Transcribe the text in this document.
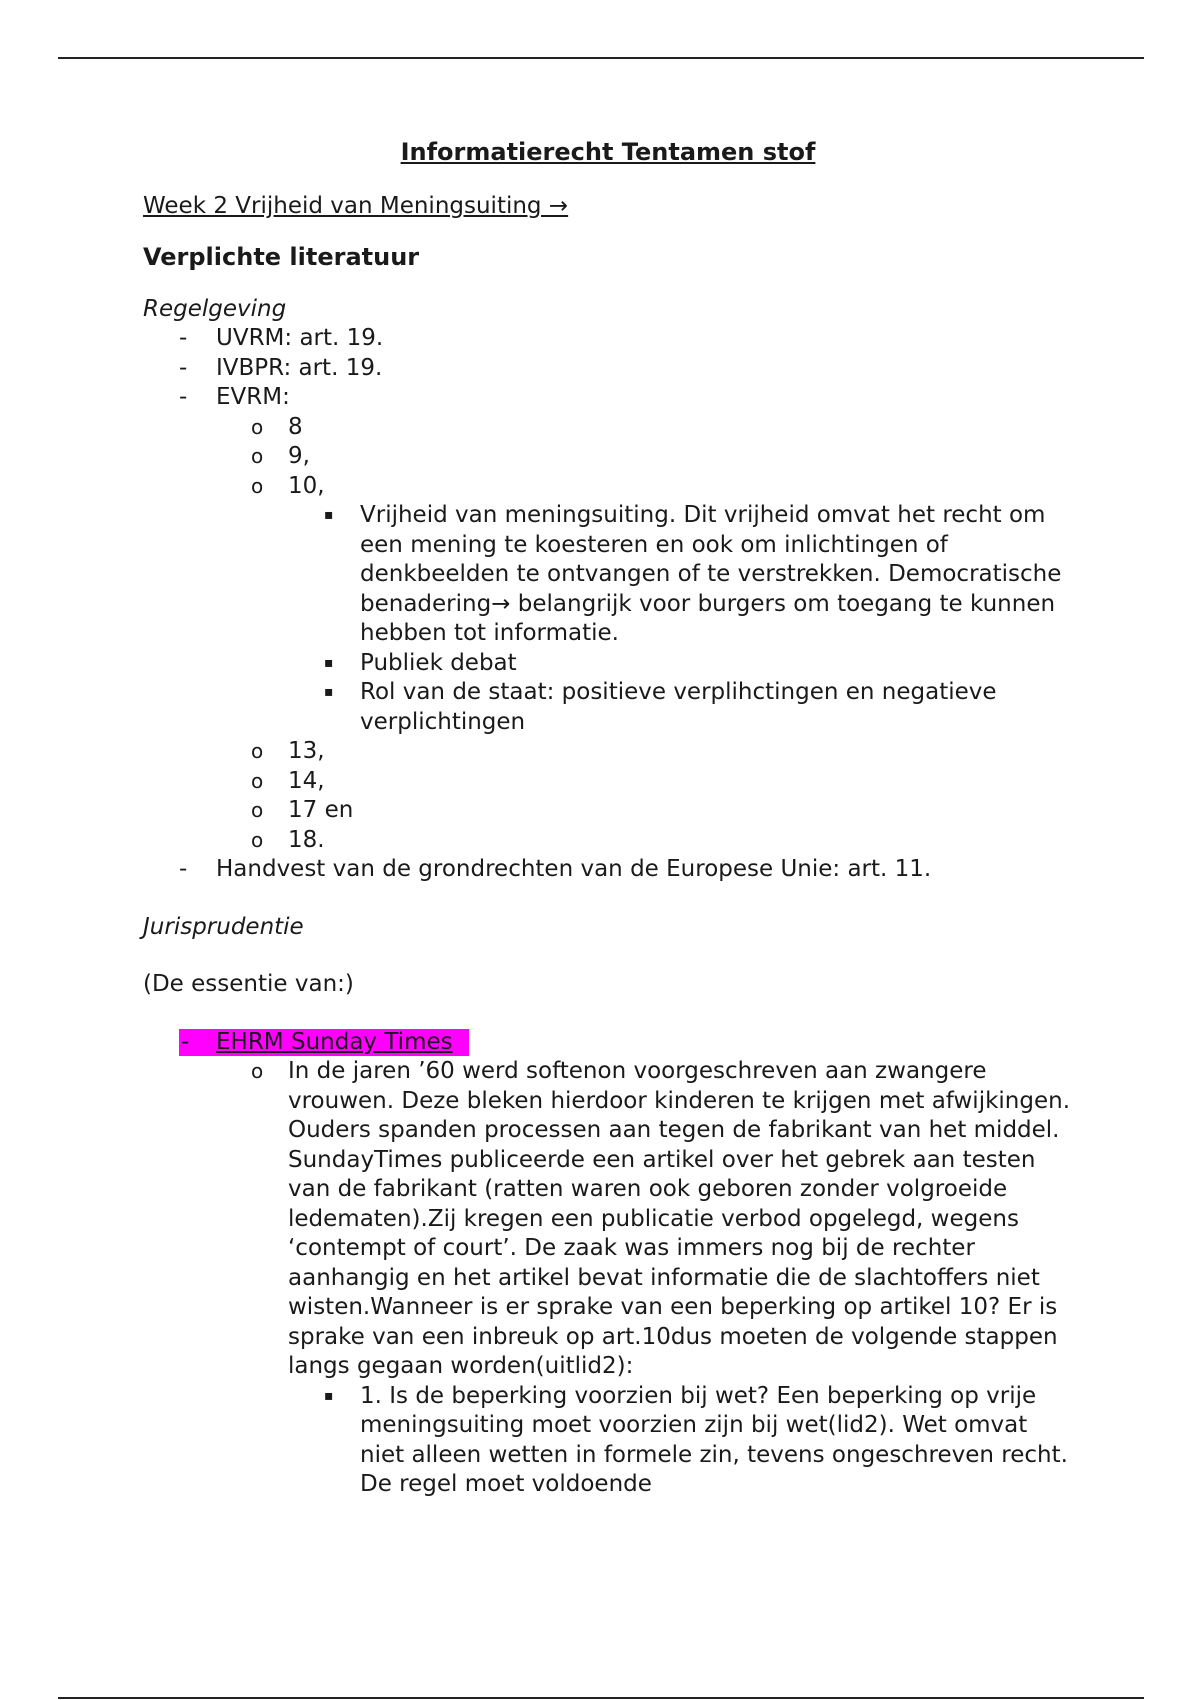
Informatierecht Tentamen stof
Week 2 Vrijheid van Meningsuiting →
Verplichte literatuur
Regelgeving
- UVRM: art. 19.
- IVBPR: art. 19.
- EVRM:
o 8
o 9,
o 10,
▪ Vrijheid van meningsuiting. Dit vrijheid omvat het recht om een mening te koesteren en ook om inlichtingen of denkbeelden te ontvangen of te verstrekken. Democratische benadering→ belangrijk voor burgers om toegang te kunnen hebben tot informatie.
▪ Publiek debat
▪ Rol van de staat: positieve verplihctingen en negatieve verplichtingen
o 13,
o 14,
o 17 en
o 18.
- Handvest van de grondrechten van de Europese Unie: art. 11.
Jurisprudentie
(De essentie van:)
- EHRM Sunday Times
o In de jaren ’60 werd softenon voorgeschreven aan zwangere vrouwen. Deze bleken hierdoor kinderen te krijgen met afwijkingen. Ouders spanden processen aan tegen de fabrikant van het middel. SundayTimes publiceerde een artikel over het gebrek aan testen van de fabrikant (ratten waren ook geboren zonder volgroeide ledematen).Zij kregen een publicatie verbod opgelegd, wegens ‘contempt of court’. De zaak was immers nog bij de rechter aanhangig en het artikel bevat informatie die de slachtoffers niet wisten.Wanneer is er sprake van een beperking op artikel 10? Er is sprake van een inbreuk op art.10dus moeten de volgende stappen langs gegaan worden(uitlid2):
▪ 1. Is de beperking voorzien bij wet? Een beperking op vrije meningsuiting moet voorzien zijn bij wet(lid2). Wet omvat niet alleen wetten in formele zin, tevens ongeschreven recht. De regel moet voldoende
